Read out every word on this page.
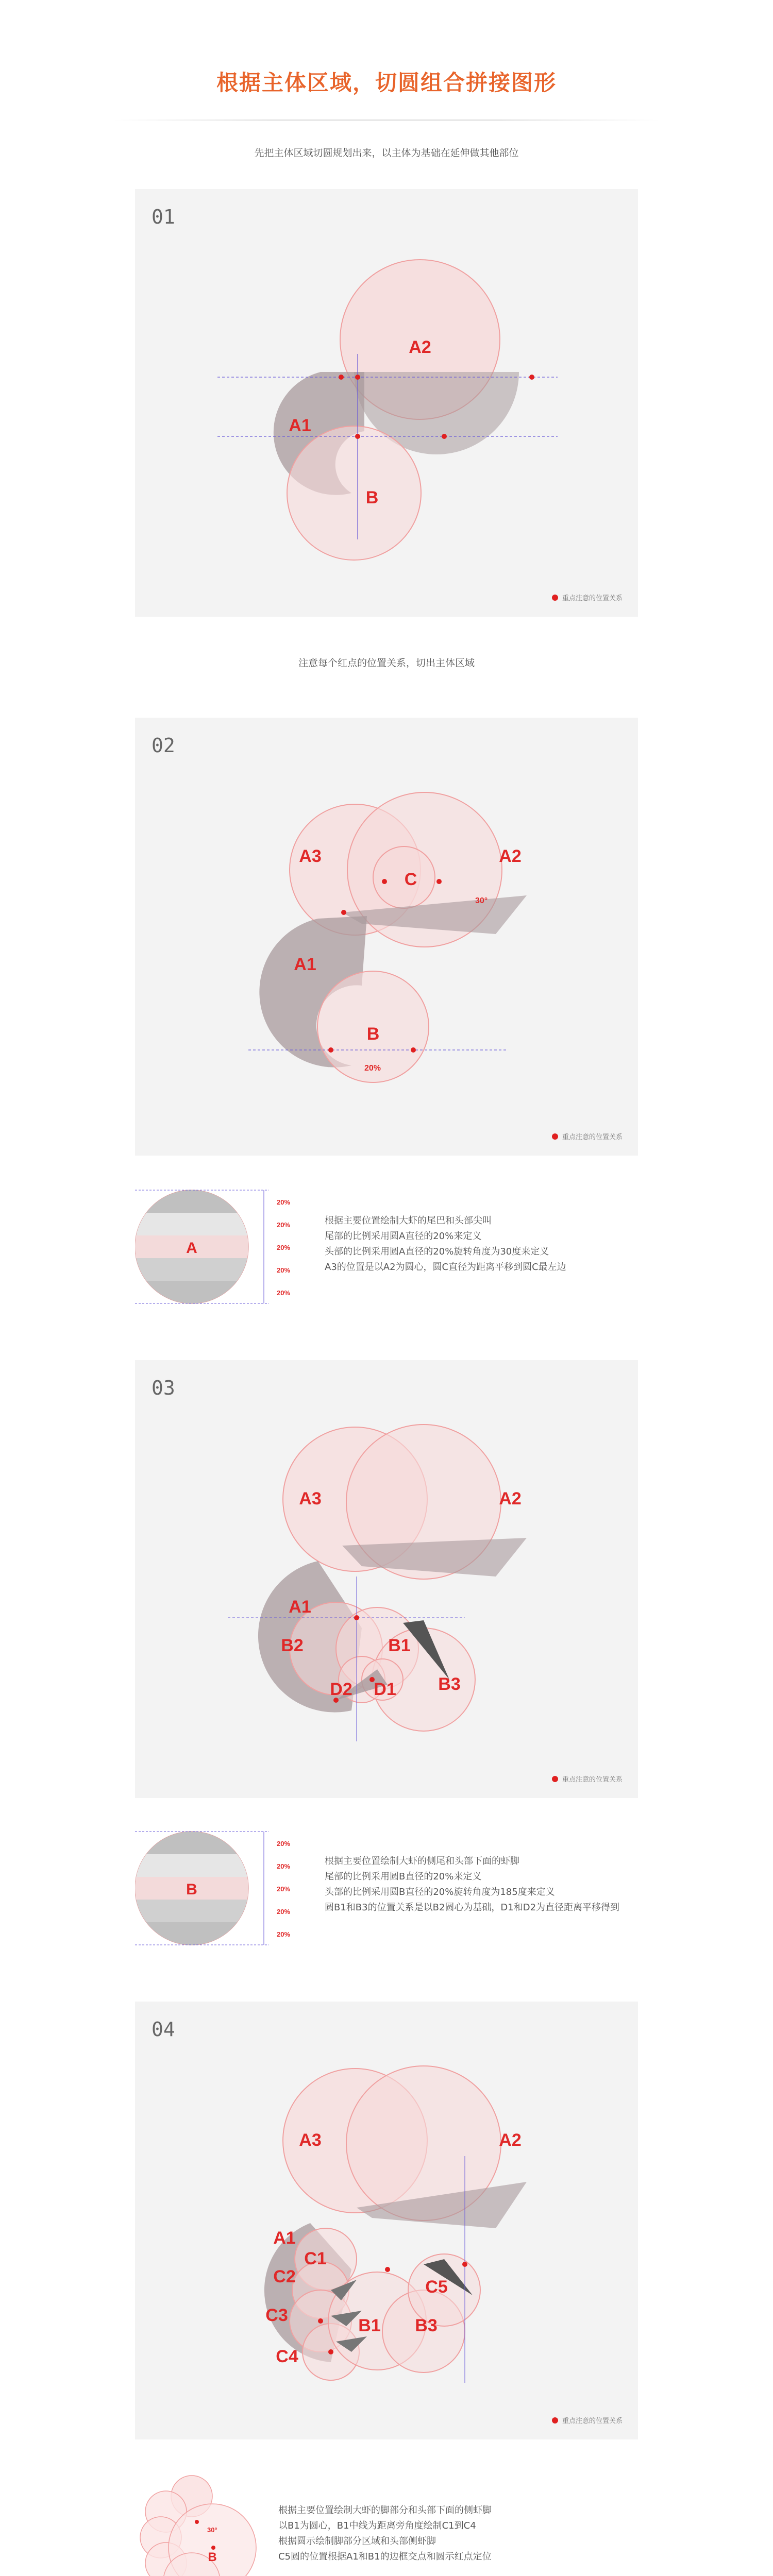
根据主体区域，切圆组合拼接图形
先把主体区域切圆规划出来，以主体为基础在延伸做其他部位
A2
A1
B
01
重点注意的位置关系
注意每个红点的位置关系，切出主体区域
A3	A2
C
A1
B
30°
20%
02
重点注意的位置关系
A
20%
20%
20%
20%
20%
根据主要位置绘制大虾的尾巴和头部尖叫
尾部的比例采用圆A直径的20%来定义
头部的比例采用圆A直径的20%旋转角度为30度来定义
A3的位置是以A2为圆心，圆C直径为距离平移到圆C最左边
A3	A2
A1
B2	B1
D2 D1 B3
03
重点注意的位置关系
B
20%
20%
20%
20%
20%
根据主要位置绘制大虾的侧尾和头部下面的虾脚
尾部的比例采用圆B直径的20%来定义
头部的比例采用圆B直径的20%旋转角度为185度来定义
圆B1和B3的位置关系是以B2圆心为基础，D1和D2为直径距离平移得到
A3	A2
A1
C1
C2
C3
C4
B1 B3
C5
04
重点注意的位置关系
30°
B
根据主要位置绘制大虾的脚部分和头部下面的侧虾脚
以B1为圆心，B1中线为距离旁角度绘制C1到C4
根据圆示绘制脚部分区域和头部侧虾脚
C5圆的位置根据A1和B1的边框交点和圆示红点定位
